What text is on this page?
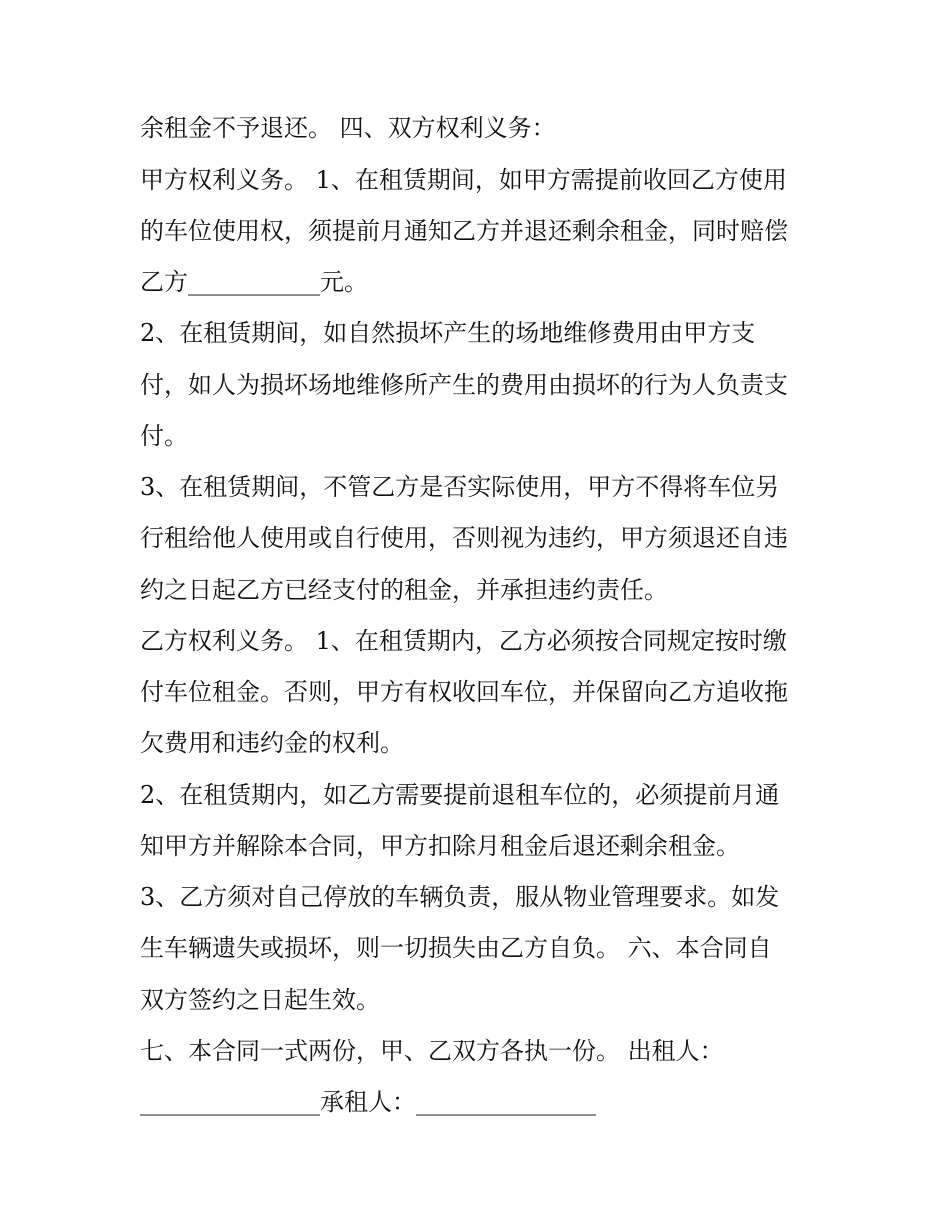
余租金不予退还。 四、双方权利义务：

甲方权利义务。 1、在租赁期间，如甲方需提前收回乙方使用

的车位使用权，须提前月通知乙方并退还剩余租金，同时赔偿

乙方___________元。

2、在租赁期间，如自然损坏产生的场地维修费用由甲方支

付，如人为损坏场地维修所产生的费用由损坏的行为人负责支

付。

3、在租赁期间，不管乙方是否实际使用，甲方不得将车位另

行租给他人使用或自行使用，否则视为违约，甲方须退还自违

约之日起乙方已经支付的租金，并承担违约责任。

乙方权利义务。 1、在租赁期内，乙方必须按合同规定按时缴

付车位租金。否则，甲方有权收回车位，并保留向乙方追收拖

欠费用和违约金的权利。

2、在租赁期内，如乙方需要提前退租车位的，必须提前月通

知甲方并解除本合同，甲方扣除月租金后退还剩余租金。

3、乙方须对自己停放的车辆负责，服从物业管理要求。如发

生车辆遗失或损坏，则一切损失由乙方自负。 六、本合同自

双方签约之日起生效。

七、本合同一式两份，甲、乙双方各执一份。 出租人：

_______________承租人：_______________
